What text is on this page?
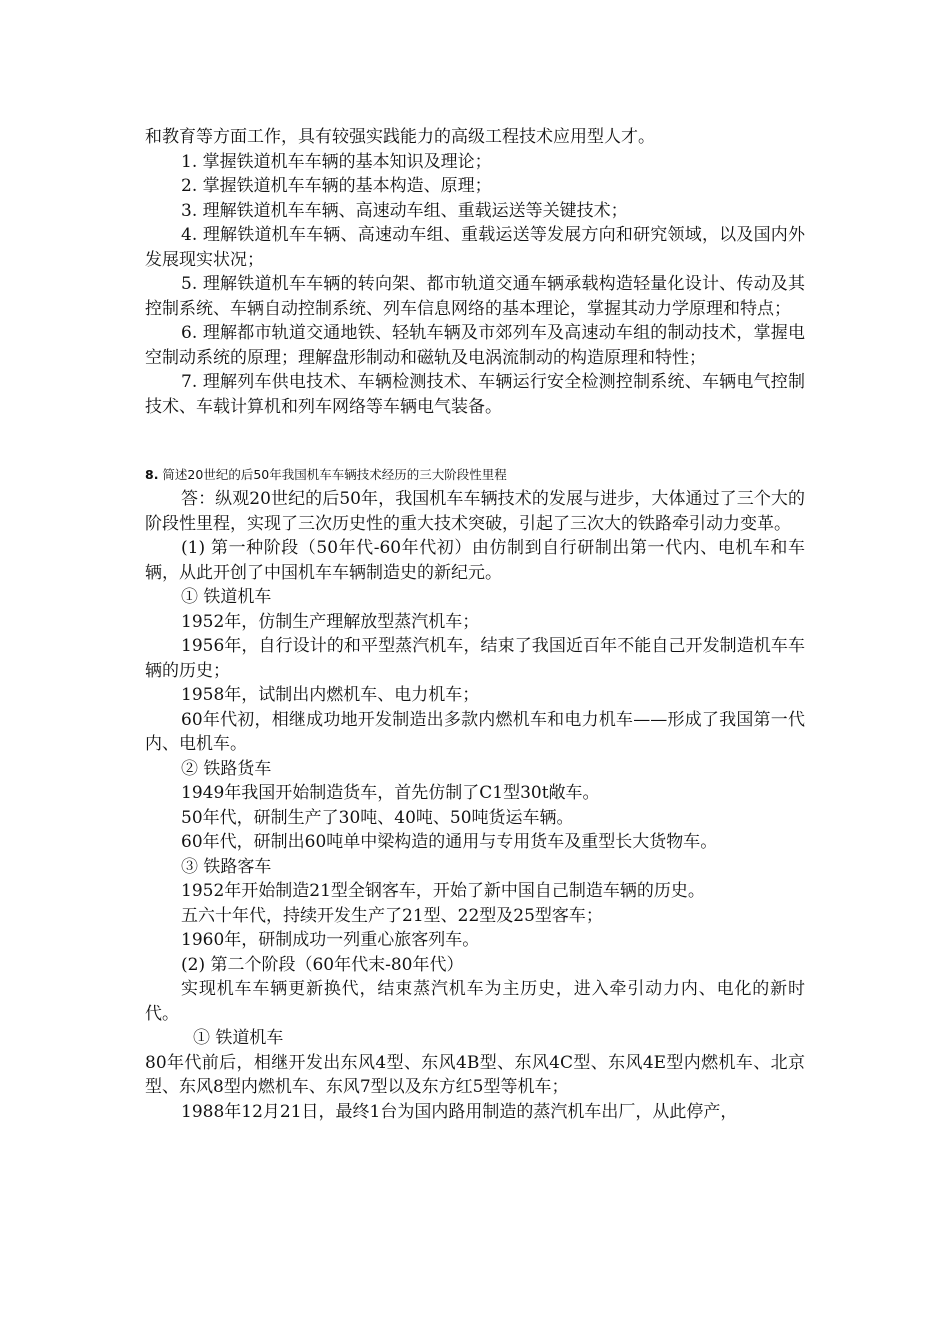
和教育等方面工作，具有较强实践能力的高级工程技术应用型人才。

1. 掌握铁道机车车辆的基本知识及理论；

2. 掌握铁道机车车辆的基本构造、原理；

3. 理解铁道机车车辆、高速动车组、重载运送等关键技术；

4. 理解铁道机车车辆、高速动车组、重载运送等发展方向和研究领域，以及国内外发展现实状况；

5. 理解铁道机车车辆的转向架、都市轨道交通车辆承载构造轻量化设计、传动及其控制系统、车辆自动控制系统、列车信息网络的基本理论，掌握其动力学原理和特点；

6. 理解都市轨道交通地铁、轻轨车辆及市郊列车及高速动车组的制动技术，掌握电空制动系统的原理；理解盘形制动和磁轨及电涡流制动的构造原理和特性；

7. 理解列车供电技术、车辆检测技术、车辆运行安全检测控制系统、车辆电气控制技术、车载计算机和列车网络等车辆电气装备。

8. 简述20世纪的后50年我国机车车辆技术经历的三大阶段性里程

答：纵观20世纪的后50年，我国机车车辆技术的发展与进步，大体通过了三个大的阶段性里程，实现了三次历史性的重大技术突破，引起了三次大的铁路牵引动力变革。

(1) 第一种阶段（50年代-60年代初）由仿制到自行研制出第一代内、电机车和车辆，从此开创了中国机车车辆制造史的新纪元。

① 铁道机车

1952年，仿制生产理解放型蒸汽机车；

1956年，自行设计的和平型蒸汽机车，结束了我国近百年不能自己开发制造机车车辆的历史；

1958年，试制出内燃机车、电力机车；

60年代初，相继成功地开发制造出多款内燃机车和电力机车——形成了我国第一代内、电机车。

② 铁路货车

1949年我国开始制造货车，首先仿制了C1型30t敞车。

50年代，研制生产了30吨、40吨、50吨货运车辆。

60年代，研制出60吨单中梁构造的通用与专用货车及重型长大货物车。

③ 铁路客车

1952年开始制造21型全钢客车，开始了新中国自己制造车辆的历史。

五六十年代，持续开发生产了21型、22型及25型客车；

1960年，研制成功一列重心旅客列车。

(2) 第二个阶段（60年代末-80年代）

实现机车车辆更新换代，结束蒸汽机车为主历史，进入牵引动力内、电化的新时代。

① 铁道机车

80年代前后，相继开发出东风4型、东风4B型、东风4C型、东风4E型内燃机车、北京型、东风8型内燃机车、东风7型以及东方红5型等机车；

1988年12月21日，最终1台为国内路用制造的蒸汽机车出厂，从此停产，
